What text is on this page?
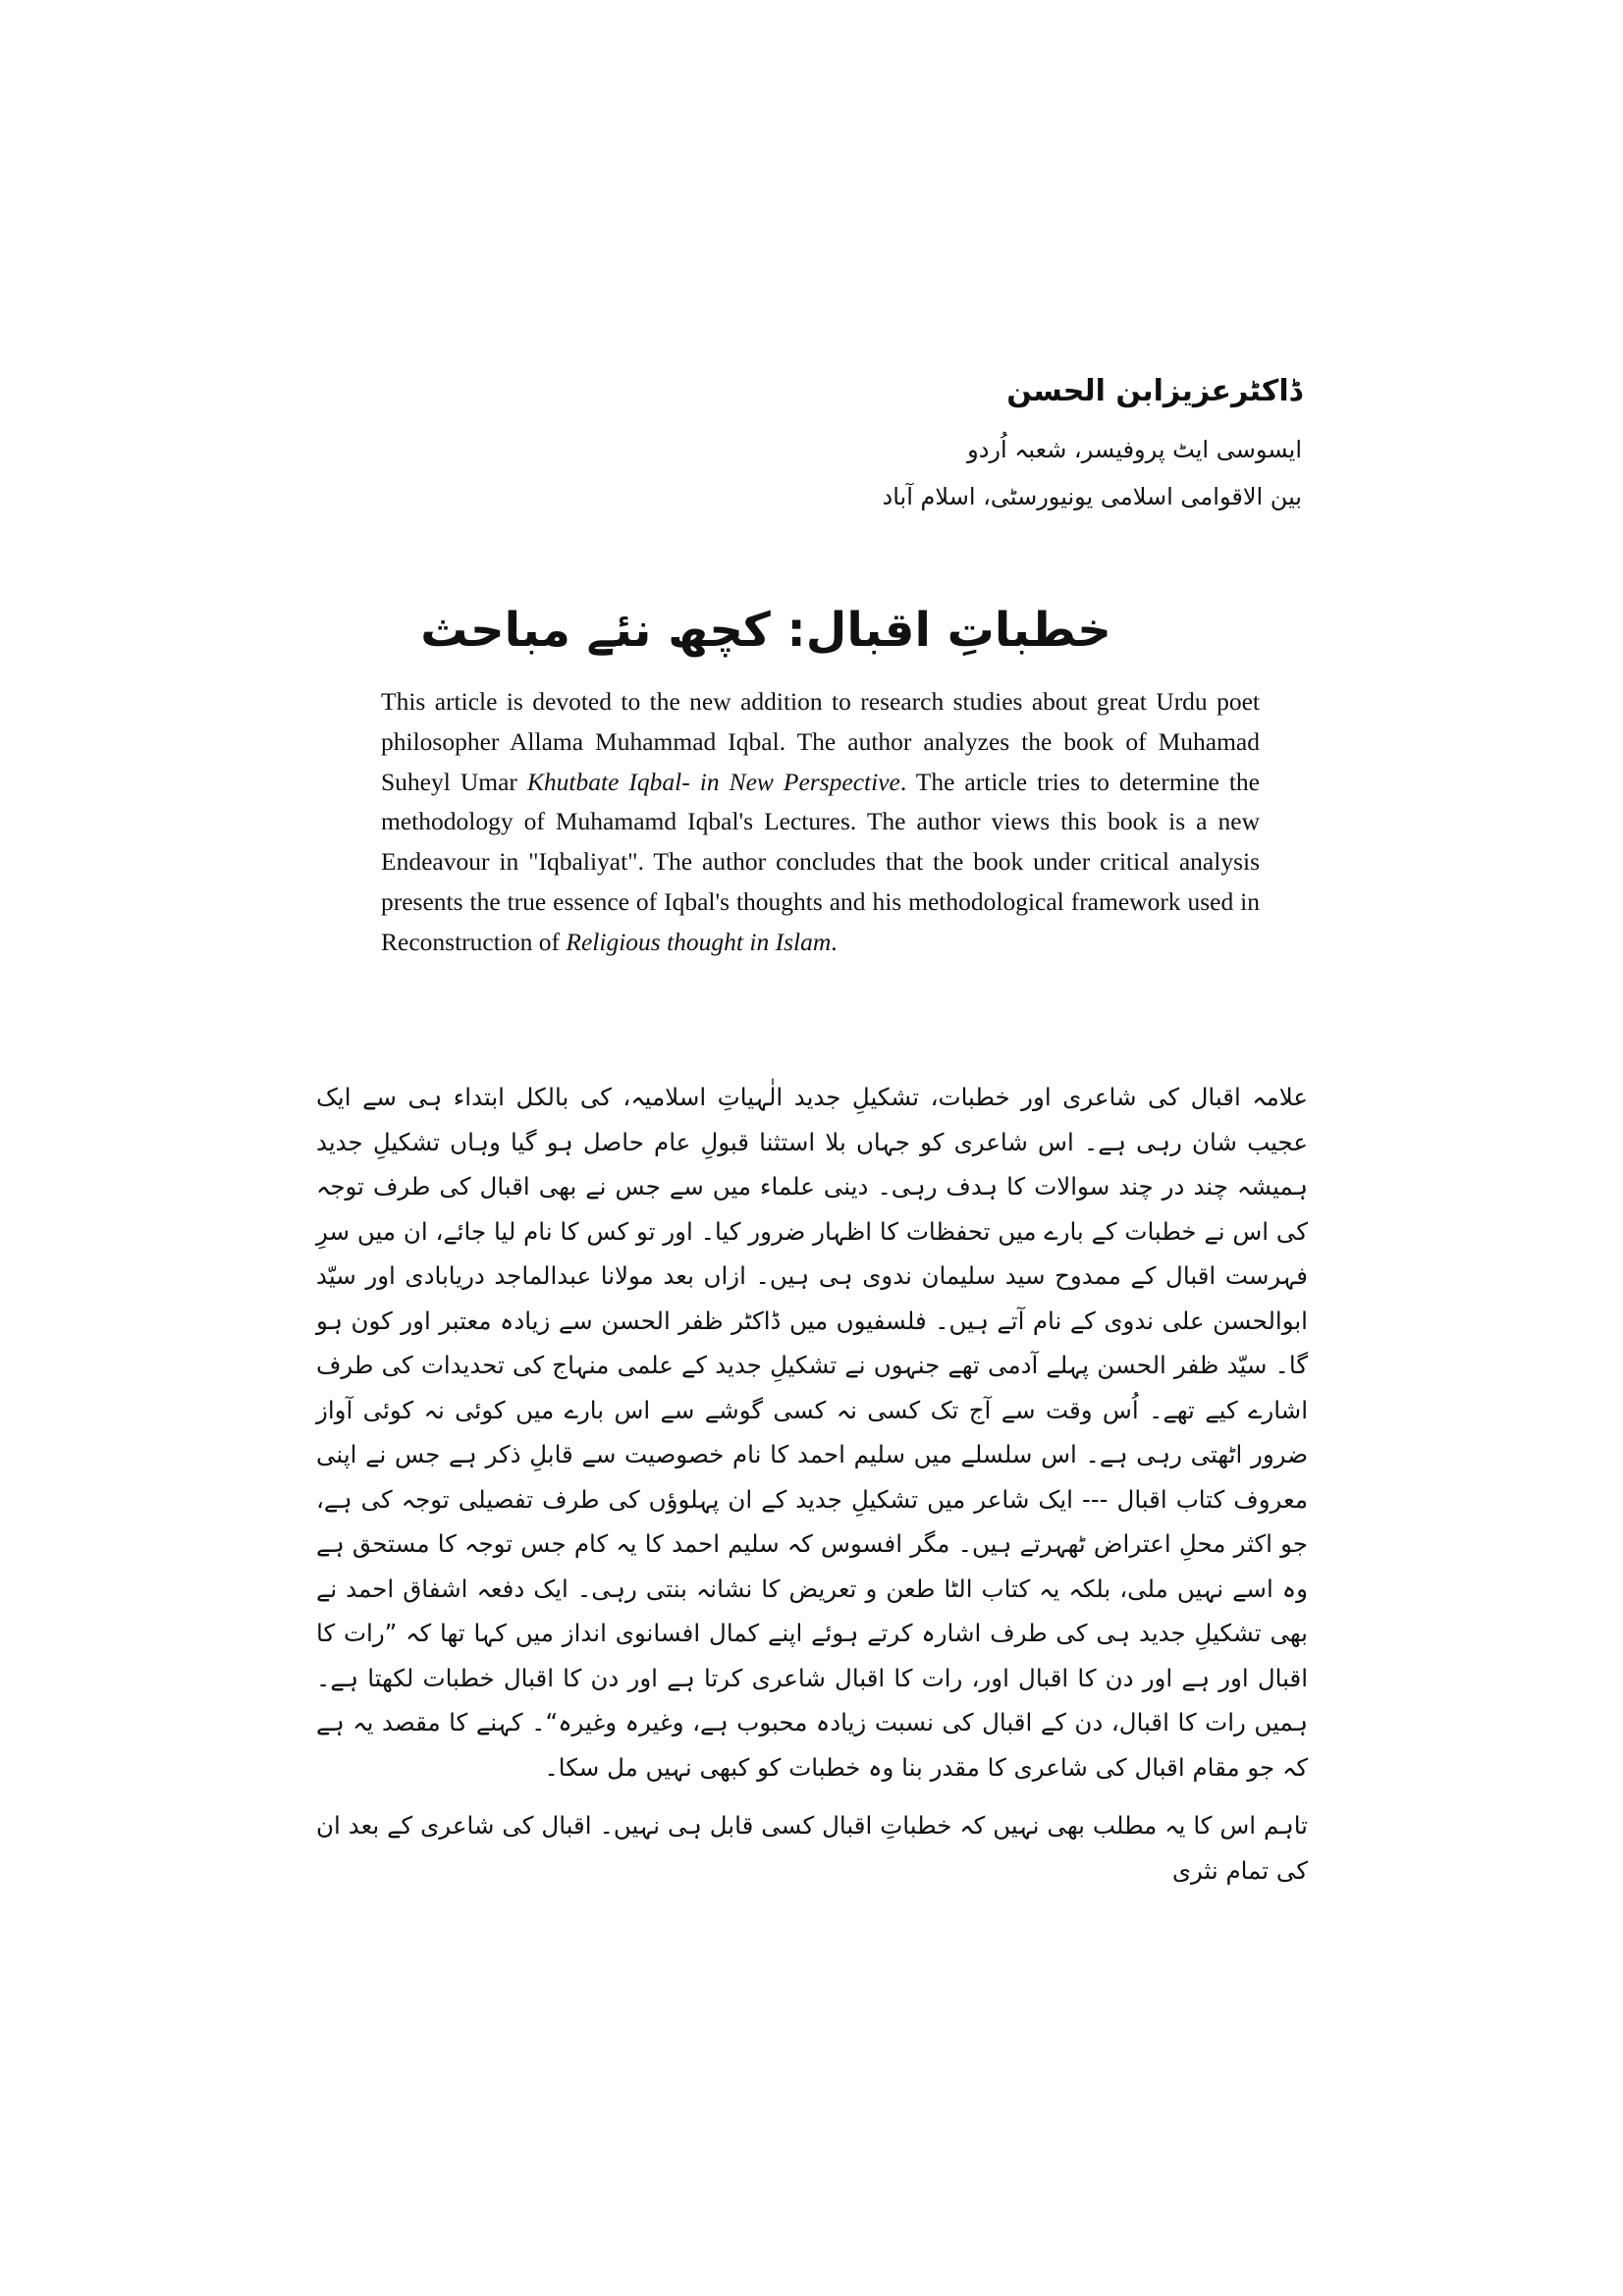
ڈاکٹرعزیزابن الحسن

ایسوسی ایٹ پروفیسر، شعبہ اُردو

بین الاقوامی اسلامی یونیورسٹی، اسلام آباد

خطباتِ اقبال: کچھ نئے مباحث

This article is devoted to the new addition to research studies about great Urdu poet philosopher Allama Muhammad Iqbal. The author analyzes the book of Muhamad Suheyl Umar Khutbate Iqbal- in New Perspective. The article tries to determine the methodology of Muhamamd Iqbal's Lectures. The author views this book is a new Endeavour in "Iqbaliyat". The author concludes that the book under critical analysis presents the true essence of Iqbal's thoughts and his methodological framework used in Reconstruction of Religious thought in Islam.

علامہ اقبال کی شاعری اور خطبات، تشکیلِ جدید الٰہیاتِ اسلامیہ، کی بالکل ابتداء ہی سے ایک عجیب شان رہی ہے۔ اس شاعری کو جہاں بلا استثنا قبولِ عام حاصل ہو گیا وہاں تشکیلِ جدید ہمیشہ چند در چند سوالات کا ہدف رہی۔ دینی علماء میں سے جس نے بھی اقبال کی طرف توجہ کی اس نے خطبات کے بارے میں تحفظات کا اظہار ضرور کیا۔ اور تو کس کا نام لیا جائے، ان میں سرِ فہرست اقبال کے ممدوح سید سلیمان ندوی ہی ہیں۔ ازاں بعد مولانا عبدالماجد دریابادی اور سیّد ابوالحسن علی ندوی کے نام آتے ہیں۔ فلسفیوں میں ڈاکٹر ظفر الحسن سے زیادہ معتبر اور کون ہو گا۔ سیّد ظفر الحسن پہلے آدمی تھے جنہوں نے تشکیلِ جدید کے علمی منہاج کی تحدیدات کی طرف اشارے کیے تھے۔ اُس وقت سے آج تک کسی نہ کسی گوشے سے اس بارے میں کوئی نہ کوئی آواز ضرور اٹھتی رہی ہے۔ اس سلسلے میں سلیم احمد کا نام خصوصیت سے قابلِ ذکر ہے جس نے اپنی معروف کتاب اقبال --- ایک شاعر میں تشکیلِ جدید کے ان پہلوؤں کی طرف تفصیلی توجہ کی ہے، جو اکثر محلِ اعتراض ٹھہرتے ہیں۔ مگر افسوس کہ سلیم احمد کا یہ کام جس توجہ کا مستحق ہے وہ اسے نہیں ملی، بلکہ یہ کتاب الٹا طعن و تعریض کا نشانہ بنتی رہی۔ ایک دفعہ اشفاق احمد نے بھی تشکیلِ جدید ہی کی طرف اشارہ کرتے ہوئے اپنے کمال افسانوی انداز میں کہا تھا کہ ”رات کا اقبال اور ہے اور دن کا اقبال اور، رات کا اقبال شاعری کرتا ہے اور دن کا اقبال خطبات لکھتا ہے۔ ہمیں رات کا اقبال، دن کے اقبال کی نسبت زیادہ محبوب ہے، وغیرہ وغیرہ“۔ کہنے کا مقصد یہ ہے کہ جو مقام اقبال کی شاعری کا مقدر بنا وہ خطبات کو کبھی نہیں مل سکا۔

تاہم اس کا یہ مطلب بھی نہیں کہ خطباتِ اقبال کسی قابل ہی نہیں۔ اقبال کی شاعری کے بعد ان کی تمام نثری
